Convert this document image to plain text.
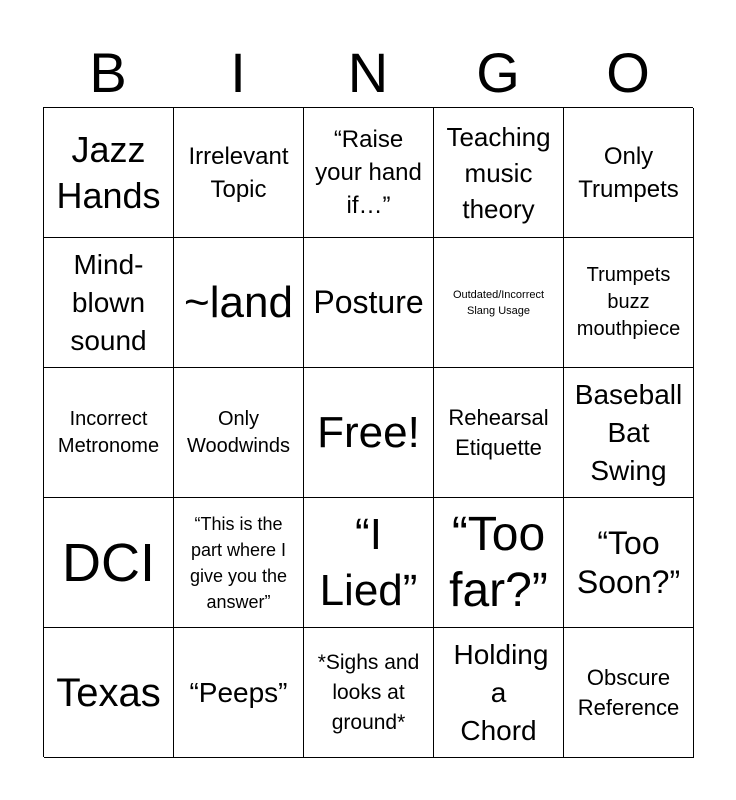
B	I	N	G	O
Jazz Hands
Irrelevant Topic
“Raise your hand if…”
Teaching music theory
Only Trumpets
Mind-blown sound
~land Posture	Outdated/Incorrect Slang Usage
Trumpets buzz mouthpiece
Incorrect Metronome
Only Woodwinds Free!	Rehearsal Etiquette
Baseball Bat Swing
DCI
“This is the part where I give you the answer”
“I Lied”
“Too far?”
“Too Soon?”
Texas “Peeps”
*Sighs and looks at ground*
Holding a Chord
Obscure Reference
